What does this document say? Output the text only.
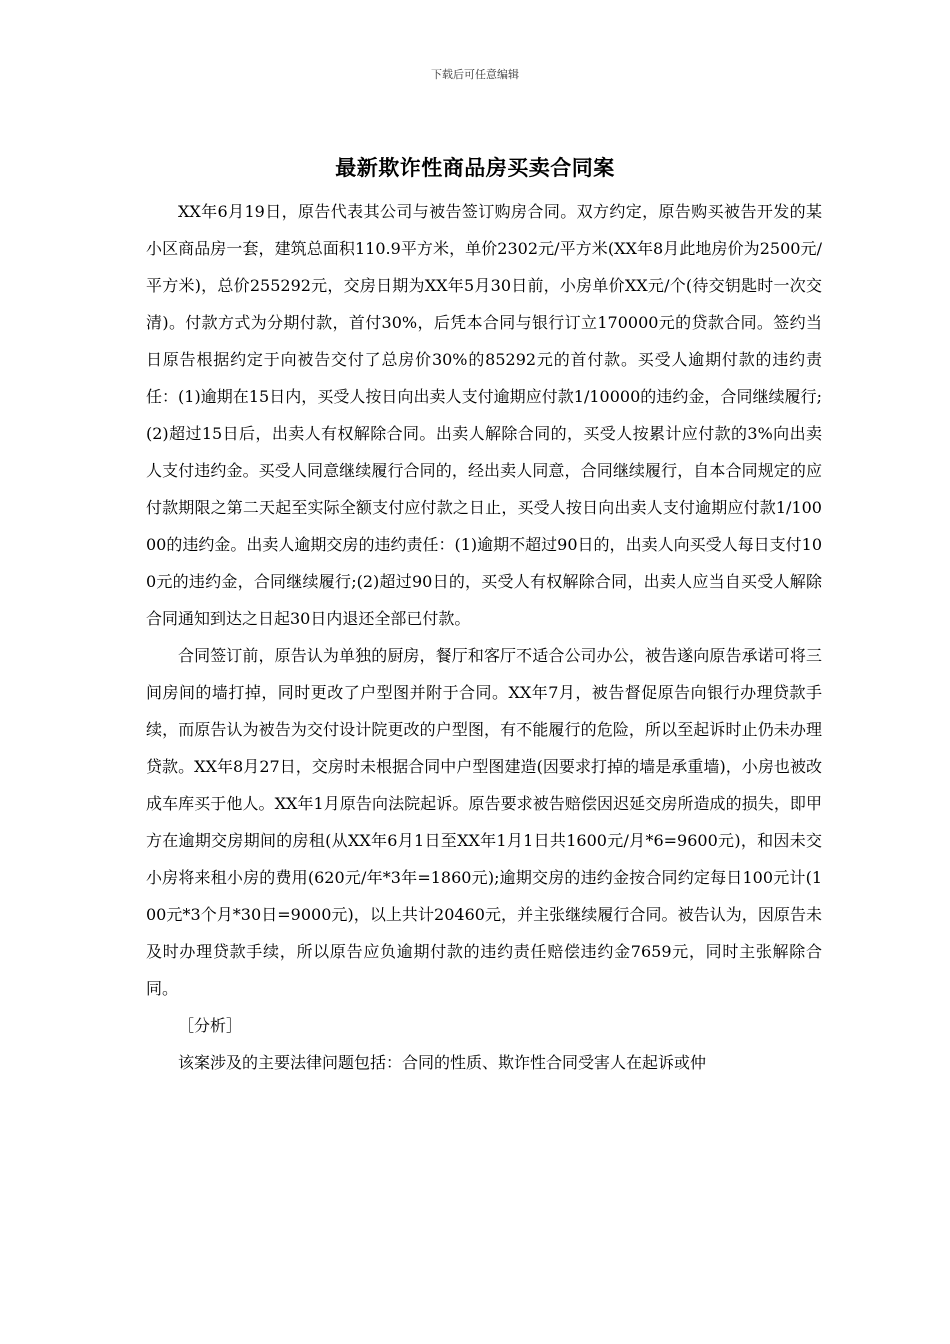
下载后可任意编辑
最新欺诈性商品房买卖合同案

XX年6月19日，原告代表其公司与被告签订购房合同。双方约定，原告购买被告开发的某小区商品房一套，建筑总面积110.9平方米，单价2302元/平方米(XX年8月此地房价为2500元/平方米)，总价255292元，交房日期为XX年5月30日前，小房单价XX元/个(待交钥匙时一次交清)。付款方式为分期付款，首付30%，后凭本合同与银行订立170000元的贷款合同。签约当日原告根据约定于向被告交付了总房价30%的85292元的首付款。买受人逾期付款的违约责任：(1)逾期在15日内，买受人按日向出卖人支付逾期应付款1/10000的违约金，合同继续履行;(2)超过15日后，出卖人有权解除合同。出卖人解除合同的，买受人按累计应付款的3%向出卖人支付违约金。买受人同意继续履行合同的，经出卖人同意，合同继续履行，自本合同规定的应付款期限之第二天起至实际全额支付应付款之日止，买受人按日向出卖人支付逾期应付款1/10000的违约金。出卖人逾期交房的违约责任：(1)逾期不超过90日的，出卖人向买受人每日支付100元的违约金，合同继续履行;(2)超过90日的，买受人有权解除合同，出卖人应当自买受人解除合同通知到达之日起30日内退还全部已付款。

合同签订前，原告认为单独的厨房，餐厅和客厅不适合公司办公，被告遂向原告承诺可将三间房间的墙打掉，同时更改了户型图并附于合同。XX年7月，被告督促原告向银行办理贷款手续，而原告认为被告为交付设计院更改的户型图，有不能履行的危险，所以至起诉时止仍未办理贷款。XX年8月27日，交房时未根据合同中户型图建造(因要求打掉的墙是承重墙)，小房也被改成车库买于他人。XX年1月原告向法院起诉。原告要求被告赔偿因迟延交房所造成的损失，即甲方在逾期交房期间的房租(从XX年6月1日至XX年1月1日共1600元/月*6=9600元)，和因未交小房将来租小房的费用(620元/年*3年=1860元);逾期交房的违约金按合同约定每日100元计(100元*3个月*30日=9000元)，以上共计20460元，并主张继续履行合同。被告认为，因原告未及时办理贷款手续，所以原告应负逾期付款的违约责任赔偿违约金7659元，同时主张解除合同。

［分析］

该案涉及的主要法律问题包括：合同的性质、欺诈性合同受害人在起诉或仲
